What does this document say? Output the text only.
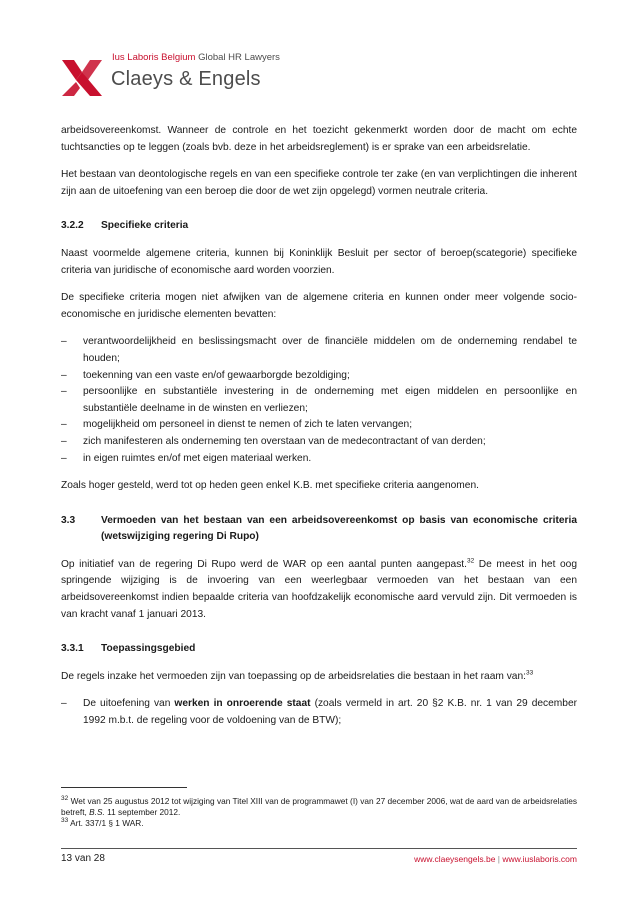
Ius Laboris Belgium Global HR Lawyers
Claeys & Engels

arbeidsovereenkomst. Wanneer de controle en het toezicht gekenmerkt worden door de macht om echte tuchtsancties op te leggen (zoals bvb. deze in het arbeidsreglement) is er sprake van een arbeidsrelatie.

Het bestaan van deontologische regels en van een specifieke controle ter zake (en van verplichtingen die inherent zijn aan de uitoefening van een beroep die door de wet zijn opgelegd) vormen neutrale criteria.

3.2.2	Specifieke criteria

Naast voormelde algemene criteria, kunnen bij Koninklijk Besluit per sector of beroep(scategorie) specifieke criteria van juridische of economische aard worden voorzien.

De specifieke criteria mogen niet afwijken van de algemene criteria en kunnen onder meer volgende socio-economische en juridische elementen bevatten:

– verantwoordelijkheid en beslissingsmacht over de financiële middelen om de onderneming rendabel te houden;
– toekenning van een vaste en/of gewaarborgde bezoldiging;
– persoonlijke en substantiële investering in de onderneming met eigen middelen en persoonlijke en substantiële deelname in de winsten en verliezen;
– mogelijkheid om personeel in dienst te nemen of zich te laten vervangen;
– zich manifesteren als onderneming ten overstaan van de medecontractant of van derden;
– in eigen ruimtes en/of met eigen materiaal werken.

Zoals hoger gesteld, werd tot op heden geen enkel K.B. met specifieke criteria aangenomen.

3.3	Vermoeden van het bestaan van een arbeidsovereenkomst op basis van economische criteria (wetswijziging regering Di Rupo)

Op initiatief van de regering Di Rupo werd de WAR op een aantal punten aangepast.$^{32}$ De meest in het oog springende wijziging is de invoering van een weerlegbaar vermoeden van het bestaan van een arbeidsovereenkomst indien bepaalde criteria van hoofdzakelijk economische aard vervuld zijn. Dit vermoeden is van kracht vanaf 1 januari 2013.

3.3.1	Toepassingsgebied

De regels inzake het vermoeden zijn van toepassing op de arbeidsrelaties die bestaan in het raam van:$^{33}$

– De uitoefening van werken in onroerende staat (zoals vermeld in art. 20 §2 K.B. nr. 1 van 29 december 1992 m.b.t. de regeling voor de voldoening van de BTW);

$^{32}$ Wet van 25 augustus 2012 tot wijziging van Titel XIII van de programmawet (I) van 27 december 2006, wat de aard van de arbeidsrelaties betreft, B.S. 11 september 2012.

$^{33}$ Art. 337/1 § 1 WAR.

13 van 28	www.claeysengels.be | www.iuslaboris.com
